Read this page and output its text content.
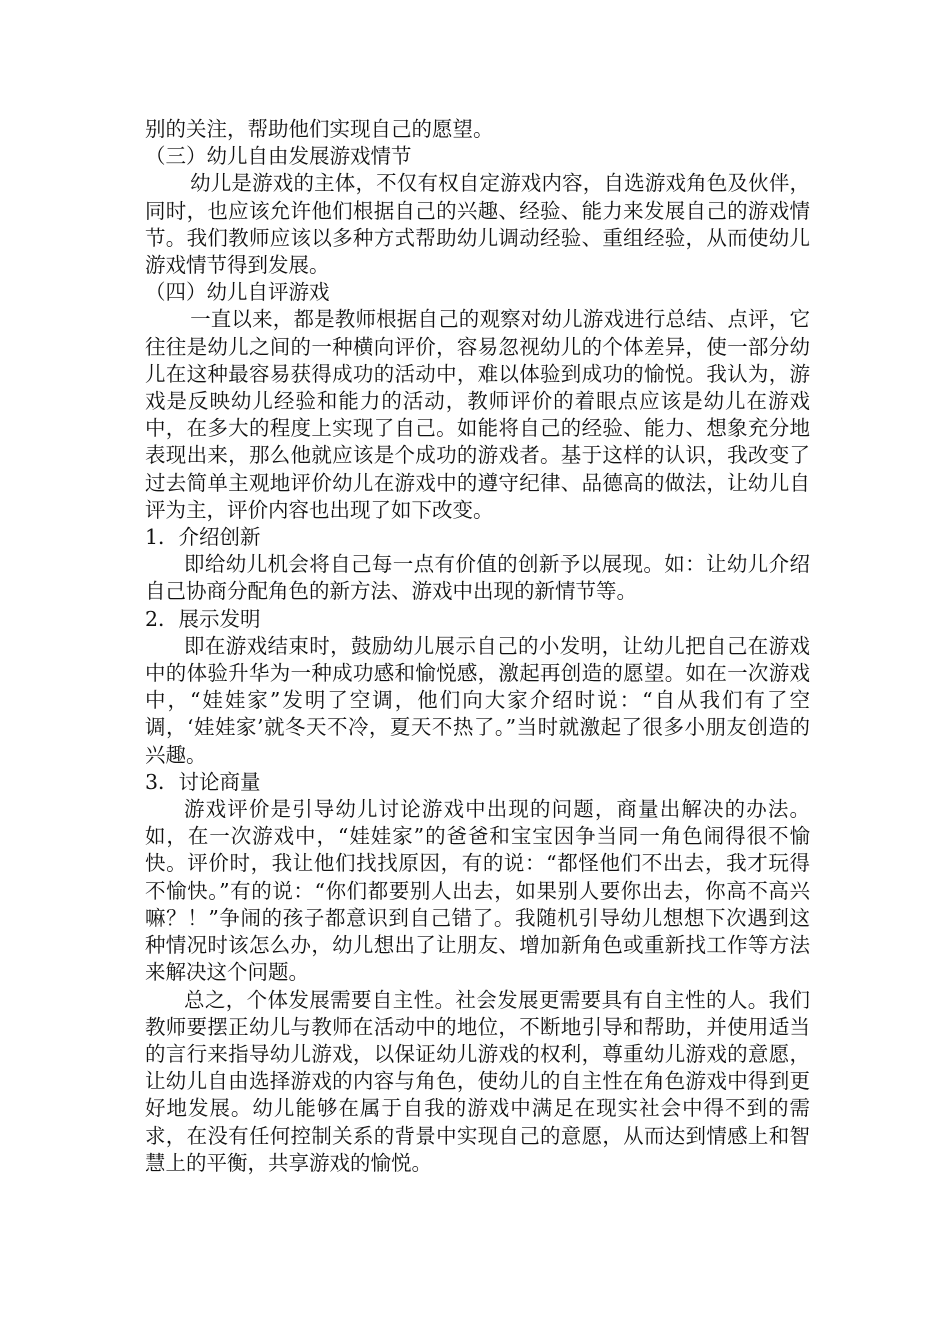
别的关注，帮助他们实现自己的愿望。

（三）幼儿自由发展游戏情节

幼儿是游戏的主体，不仅有权自定游戏内容，自选游戏角色及伙伴，同时，也应该允许他们根据自己的兴趣、经验、能力来发展自己的游戏情节。我们教师应该以多种方式帮助幼儿调动经验、重组经验，从而使幼儿游戏情节得到发展。

（四）幼儿自评游戏

一直以来，都是教师根据自己的观察对幼儿游戏进行总结、点评，它往往是幼儿之间的一种横向评价，容易忽视幼儿的个体差异，使一部分幼儿在这种最容易获得成功的活动中，难以体验到成功的愉悦。我认为，游戏是反映幼儿经验和能力的活动，教师评价的着眼点应该是幼儿在游戏中，在多大的程度上实现了自己。如能将自己的经验、能力、想象充分地表现出来，那么他就应该是个成功的游戏者。基于这样的认识，我改变了过去简单主观地评价幼儿在游戏中的遵守纪律、品德高的做法，让幼儿自评为主，评价内容也出现了如下改变。

1．介绍创新

即给幼儿机会将自己每一点有价值的创新予以展现。如：让幼儿介绍自己协商分配角色的新方法、游戏中出现的新情节等。

2．展示发明

即在游戏结束时，鼓励幼儿展示自己的小发明，让幼儿把自己在游戏中的体验升华为一种成功感和愉悦感，激起再创造的愿望。如在一次游戏中，“娃娃家”发明了空调，他们向大家介绍时说：“自从我们有了空调，‘娃娃家’就冬天不冷，夏天不热了。”当时就激起了很多小朋友创造的兴趣。

3．讨论商量

游戏评价是引导幼儿讨论游戏中出现的问题，商量出解决的办法。如，在一次游戏中，“娃娃家”的爸爸和宝宝因争当同一角色闹得很不愉快。评价时，我让他们找找原因，有的说：“都怪他们不出去，我才玩得不愉快。”有的说：“你们都要别人出去，如果别人要你出去，你高不高兴嘛？！”争闹的孩子都意识到自己错了。我随机引导幼儿想想下次遇到这种情况时该怎么办，幼儿想出了让朋友、增加新角色或重新找工作等方法来解决这个问题。

总之，个体发展需要自主性。社会发展更需要具有自主性的人。我们教师要摆正幼儿与教师在活动中的地位，不断地引导和帮助，并使用适当的言行来指导幼儿游戏，以保证幼儿游戏的权利，尊重幼儿游戏的意愿，让幼儿自由选择游戏的内容与角色，使幼儿的自主性在角色游戏中得到更好地发展。幼儿能够在属于自我的游戏中满足在现实社会中得不到的需求，在没有任何控制关系的背景中实现自己的意愿，从而达到情感上和智慧上的平衡，共享游戏的愉悦。
